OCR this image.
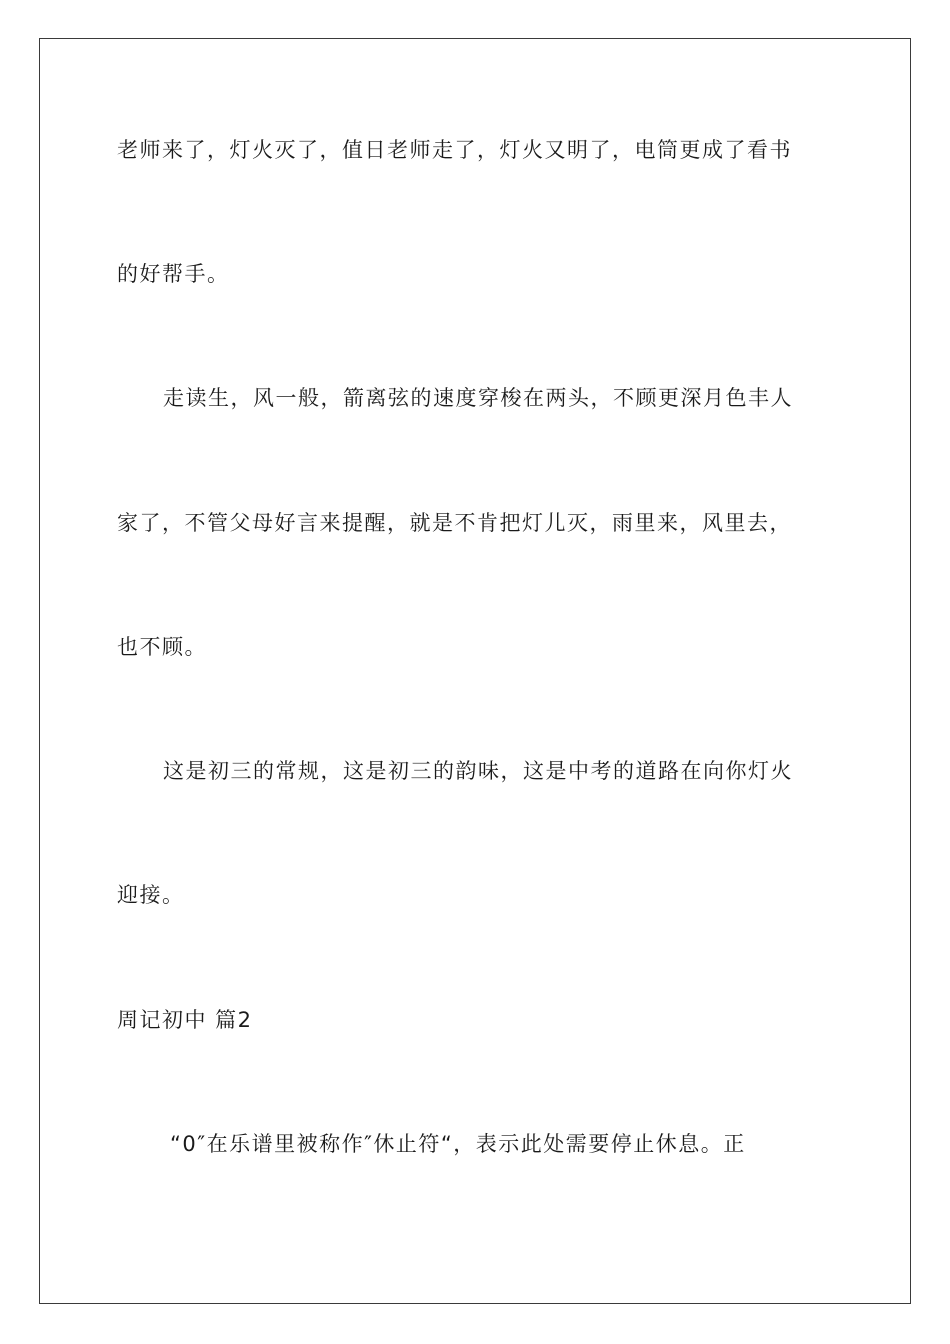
老师来了，灯火灭了，值日老师走了，灯火又明了，电筒更成了看书
的好帮手。
走读生，风一般，箭离弦的速度穿梭在两头，不顾更深月色丰人
家了，不管父母好言来提醒，就是不肯把灯儿灭，雨里来，风里去，
也不顾。
这是初三的常规，这是初三的韵味，这是中考的道路在向你灯火
迎接。
周记初中 篇2
“0″在乐谱里被称作″休止符“，表示此处需要停止休息。正
